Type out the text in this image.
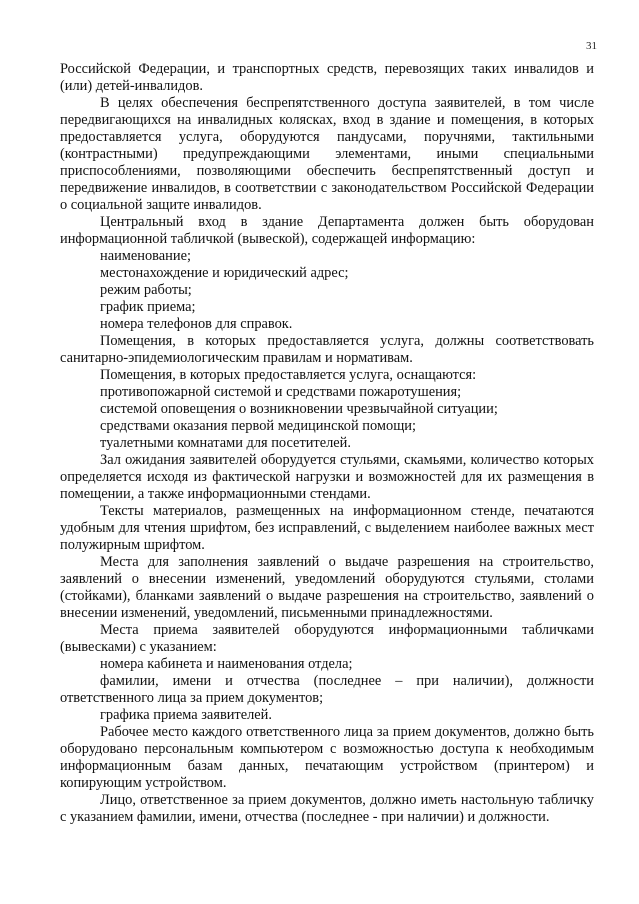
31

Российской Федерации, и транспортных средств, перевозящих таких инвалидов и (или) детей-инвалидов.

В целях обеспечения беспрепятственного доступа заявителей, в том числе передвигающихся на инвалидных колясках, вход в здание и помещения, в которых предоставляется услуга, оборудуются пандусами, поручнями, тактильными (контрастными) предупреждающими элементами, иными специальными приспособлениями, позволяющими обеспечить беспрепятственный доступ и передвижение инвалидов, в соответствии с законодательством Российской Федерации о социальной защите инвалидов.

Центральный вход в здание Департамента должен быть оборудован информационной табличкой (вывеской), содержащей информацию:

наименование;

местонахождение и юридический адрес;

режим работы;

график приема;

номера телефонов для справок.

Помещения, в которых предоставляется услуга, должны соответствовать санитарно-эпидемиологическим правилам и нормативам.

Помещения, в которых предоставляется услуга, оснащаются:

противопожарной системой и средствами пожаротушения;

системой оповещения о возникновении чрезвычайной ситуации;

средствами оказания первой медицинской помощи;

туалетными комнатами для посетителей.

Зал ожидания заявителей оборудуется стульями, скамьями, количество которых определяется исходя из фактической нагрузки и возможностей для их размещения в помещении, а также информационными стендами.

Тексты материалов, размещенных на информационном стенде, печатаются удобным для чтения шрифтом, без исправлений, с выделением наиболее важных мест полужирным шрифтом.

Места для заполнения заявлений о выдаче разрешения на строительство, заявлений о внесении изменений, уведомлений оборудуются стульями, столами (стойками), бланками заявлений о выдаче разрешения на строительство, заявлений о внесении изменений, уведомлений, письменными принадлежностями.

Места приема заявителей оборудуются информационными табличками (вывесками) с указанием:

номера кабинета и наименования отдела;

фамилии, имени и отчества (последнее – при наличии), должности ответственного лица за прием документов;

графика приема заявителей.

Рабочее место каждого ответственного лица за прием документов, должно быть оборудовано персональным компьютером с возможностью доступа к необходимым информационным базам данных, печатающим устройством (принтером) и копирующим устройством.

Лицо, ответственное за прием документов, должно иметь настольную табличку с указанием фамилии, имени, отчества (последнее - при наличии) и должности.
